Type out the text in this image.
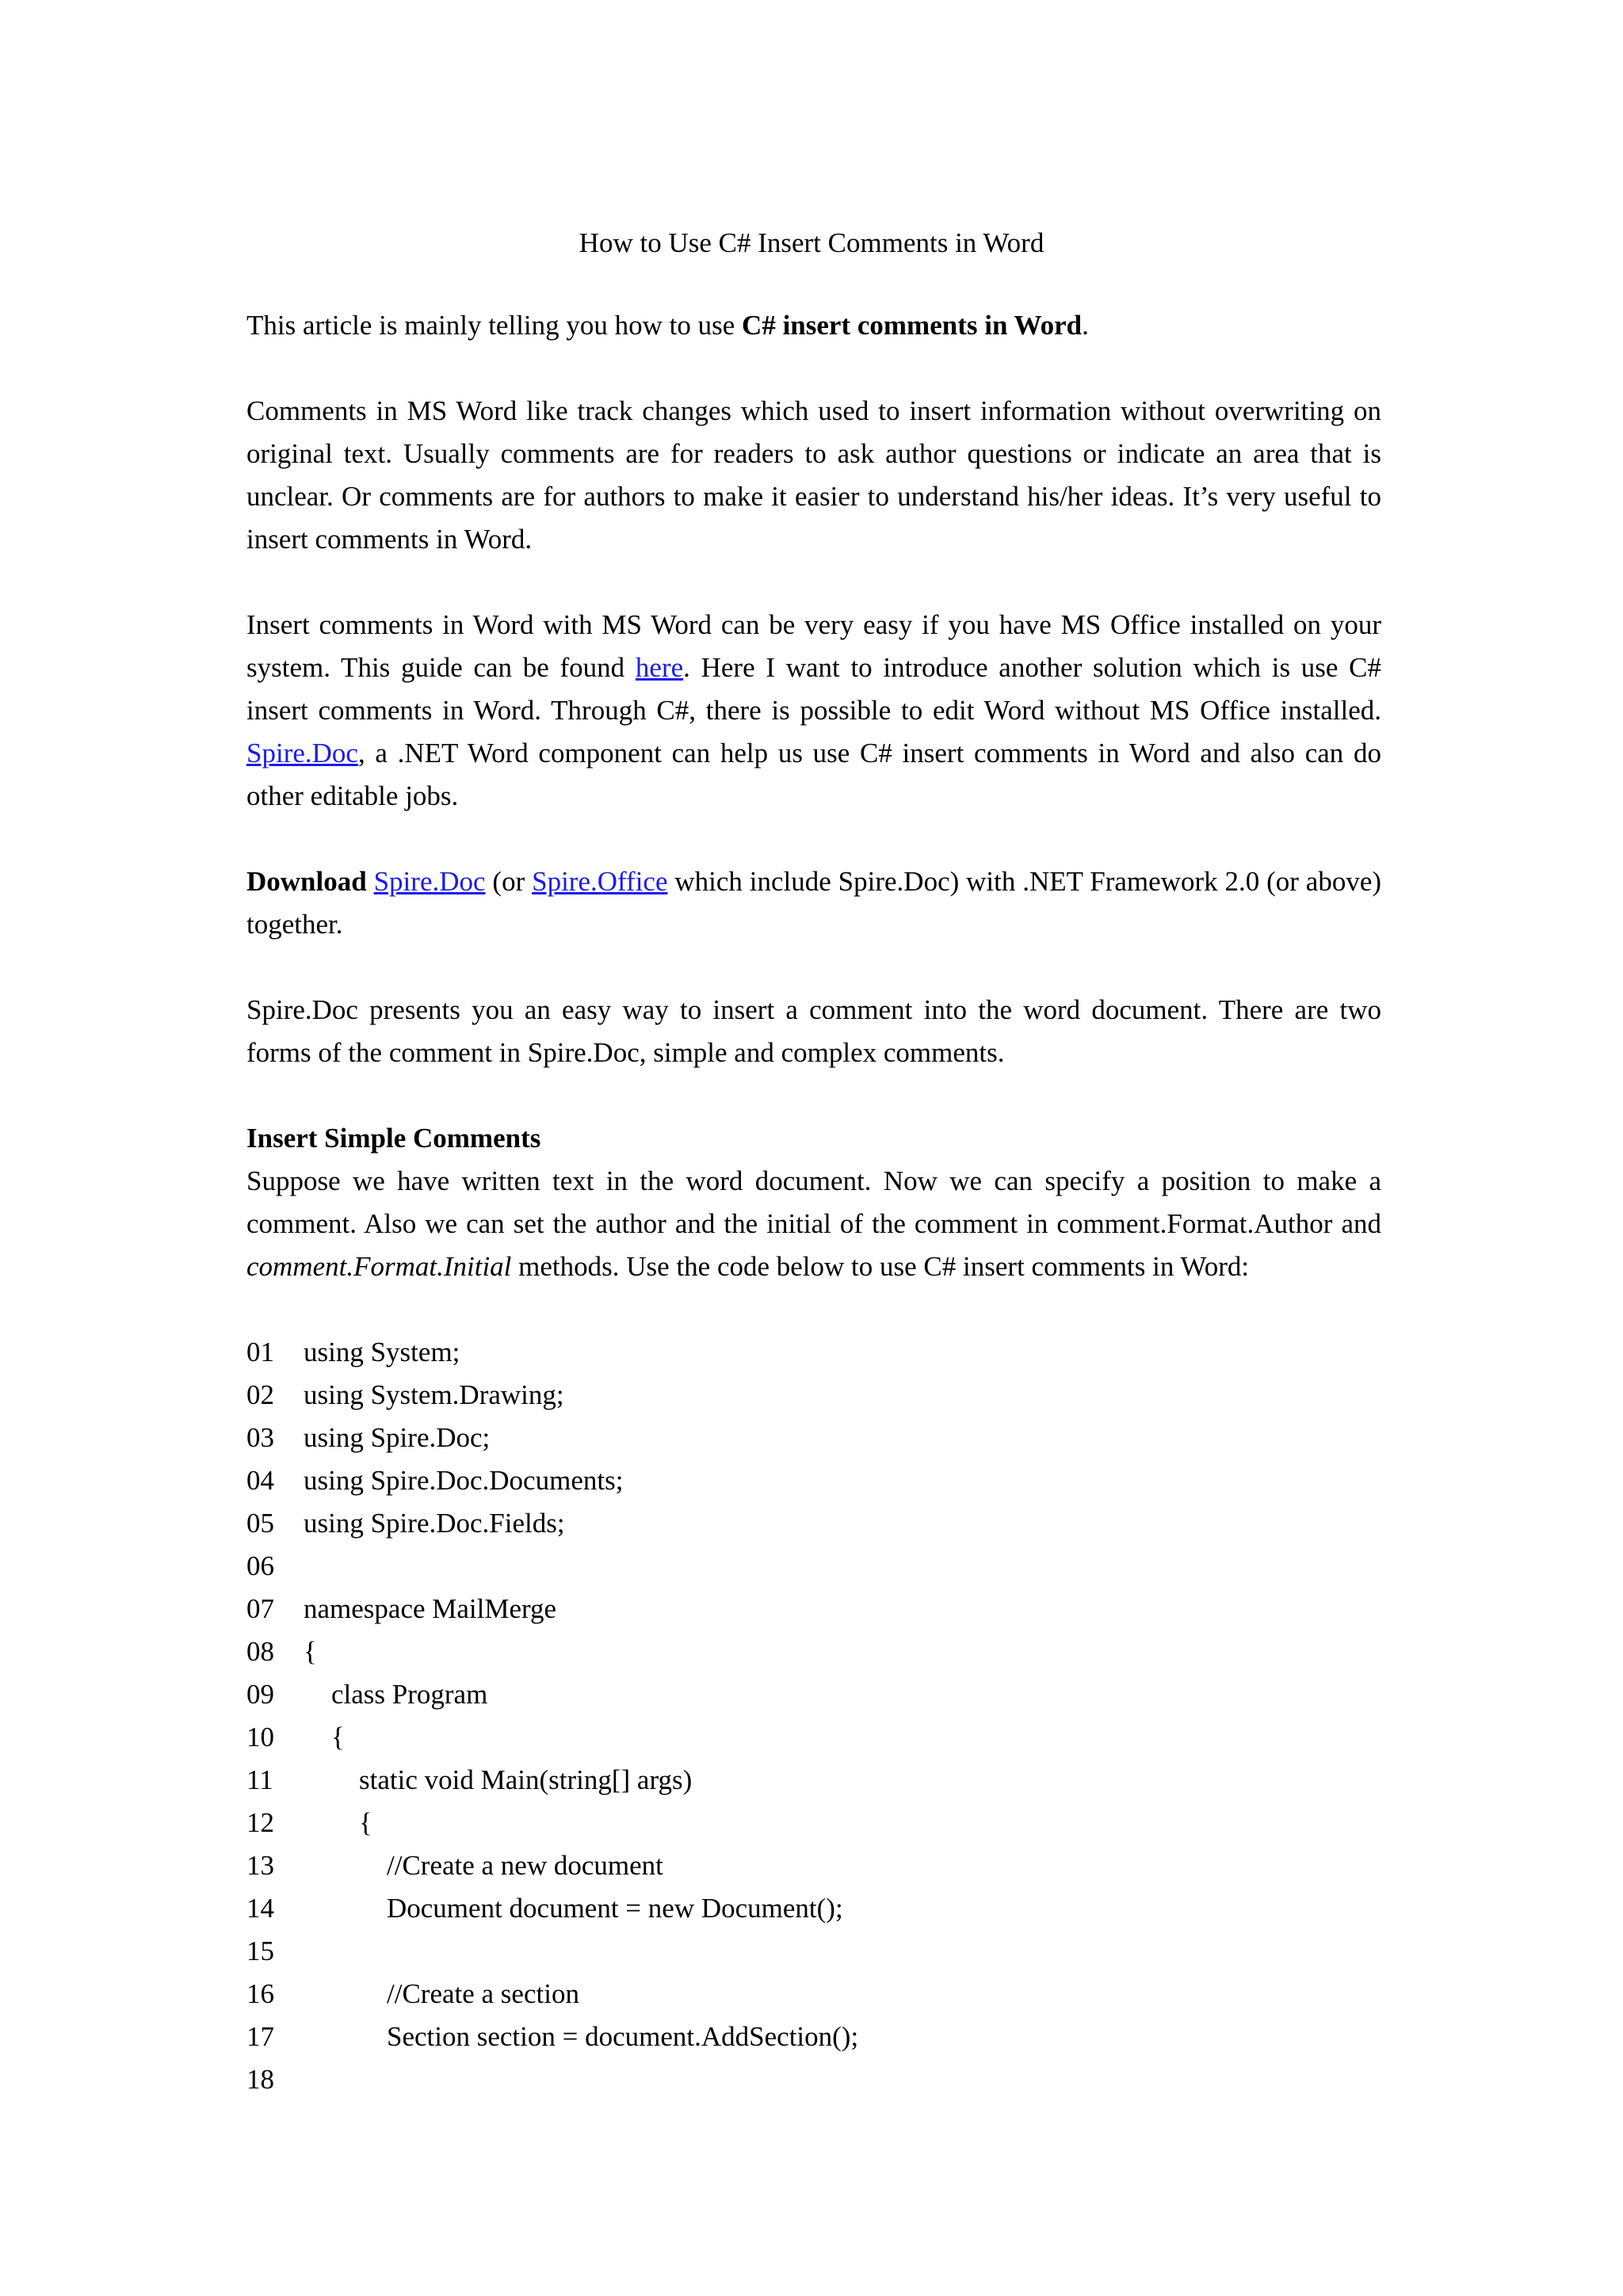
How to Use C# Insert Comments in Word

This article is mainly telling you how to use C# insert comments in Word.

Comments in MS Word like track changes which used to insert information without overwriting on original text. Usually comments are for readers to ask author questions or indicate an area that is unclear. Or comments are for authors to make it easier to understand his/her ideas. It’s very useful to insert comments in Word.

Insert comments in Word with MS Word can be very easy if you have MS Office installed on your system. This guide can be found here. Here I want to introduce another solution which is use C# insert comments in Word. Through C#, there is possible to edit Word without MS Office installed. Spire.Doc, a .NET Word component can help us use C# insert comments in Word and also can do other editable jobs.

Download Spire.Doc (or Spire.Office which include Spire.Doc) with .NET Framework 2.0 (or above) together.

Spire.Doc presents you an easy way to insert a comment into the word document. There are two forms of the comment in Spire.Doc, simple and complex comments.

Insert Simple Comments

Suppose we have written text in the word document. Now we can specify a position to make a comment. Also we can set the author and the initial of the comment in comment.Format.Author and comment.Format.Initial methods. Use the code below to use C# insert comments in Word:

01	using System;
02	using System.Drawing;
03	using Spire.Doc;
04	using Spire.Doc.Documents;
05	using Spire.Doc.Fields;
06
07	namespace MailMerge
08	{
09	class Program
10	{
11	static void Main(string[] args)
12	{
13	//Create a new document
14	Document document = new Document();
15
16	//Create a section
17	Section section = document.AddSection();
18
